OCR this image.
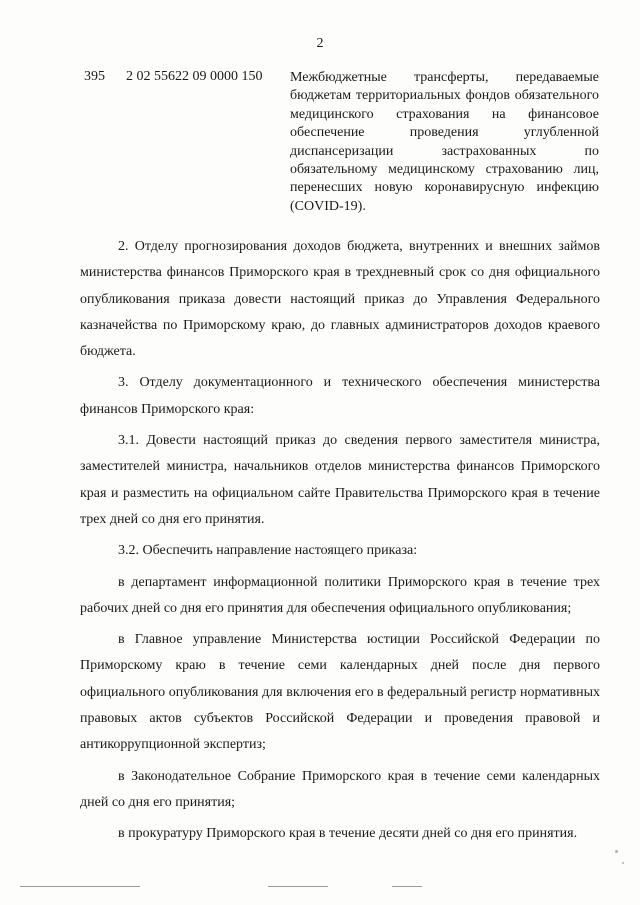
2
395 2 02 55622 09 0000 150 Межбюджетные трансферты, передаваемые бюджетам территориальных фондов обязательного медицинского страхования на финансовое обеспечение проведения углубленной диспансеризации застрахованных по обязательному медицинскому страхованию лиц, перенесших новую коронавирусную инфекцию (COVID-19).

2. Отделу прогнозирования доходов бюджета, внутренних и внешних займов министерства финансов Приморского края в трехдневный срок со дня официального опубликования приказа довести настоящий приказ до Управления Федерального казначейства по Приморскому краю, до главных администраторов доходов краевого бюджета.

3. Отделу документационного и технического обеспечения министерства финансов Приморского края:

3.1. Довести настоящий приказ до сведения первого заместителя министра, заместителей министра, начальников отделов министерства финансов Приморского края и разместить на официальном сайте Правительства Приморского края в течение трех дней со дня его принятия.

3.2. Обеспечить направление настоящего приказа:

в департамент информационной политики Приморского края в течение трех рабочих дней со дня его принятия для обеспечения официального опубликования;

в Главное управление Министерства юстиции Российской Федерации по Приморскому краю в течение семи календарных дней после дня первого официального опубликования для включения его в федеральный регистр нормативных правовых актов субъектов Российской Федерации и проведения правовой и антикоррупционной экспертиз;

в Законодательное Собрание Приморского края в течение семи календарных дней со дня его принятия;

в прокуратуру Приморского края в течение десяти дней со дня его принятия.
